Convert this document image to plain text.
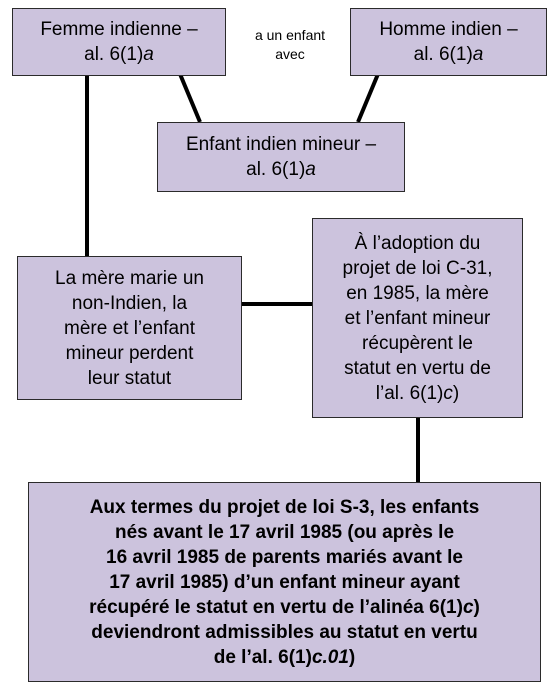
Femme indienne –
al. 6(1)a
a un enfant
avec
Homme indien –
al. 6(1)a
Enfant indien mineur –
al. 6(1)a
La mère marie un
non-Indien, la
mère et l’enfant
mineur perdent
leur statut
À l’adoption du
projet de loi C-31,
en 1985, la mère
et l’enfant mineur
récupèrent le
statut en vertu de
l’al. 6(1)c)
Aux termes du projet de loi S-3, les enfants
nés avant le 17 avril 1985 (ou après le
16 avril 1985 de parents mariés avant le
17 avril 1985) d’un enfant mineur ayant
récupéré le statut en vertu de l’alinéa 6(1)c)
deviendront admissibles au statut en vertu
de l’al. 6(1)c.01)
